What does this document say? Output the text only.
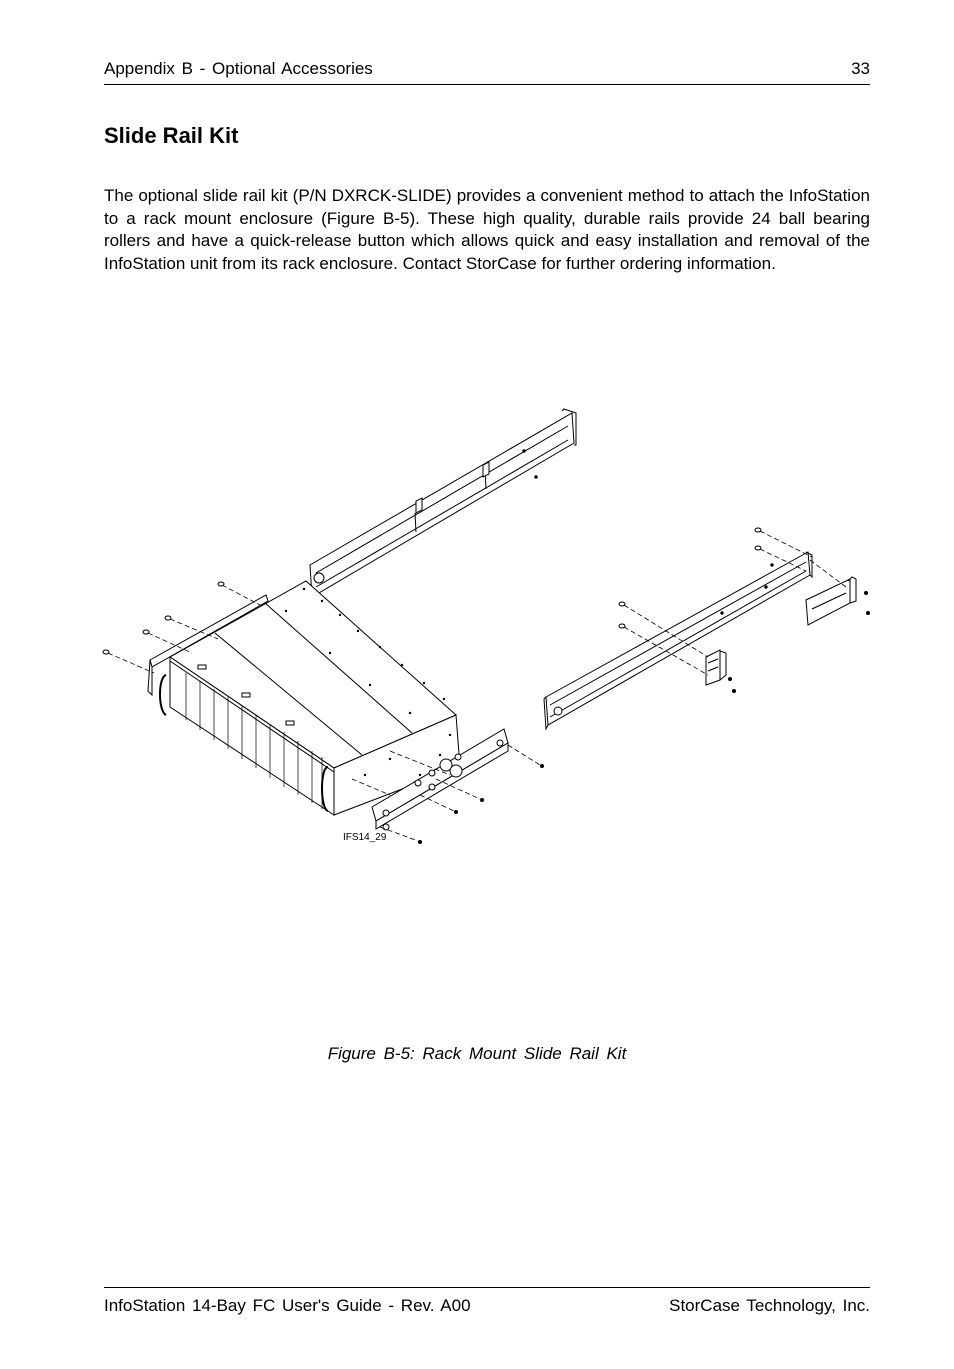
Appendix B - Optional Accessories	33
Slide Rail Kit

The optional slide rail kit (P/N DXRCK-SLIDE) provides a convenient method to attach the InfoStation to a rack mount enclosure (Figure B-5). These high quality, durable rails provide 24 ball bearing rollers and have a quick-release button which allows quick and easy installation and removal of the InfoStation unit from its rack enclosure. Contact StorCase for further ordering information.

IFS14_29
Figure B-5: Rack Mount Slide Rail Kit
InfoStation 14-Bay FC User's Guide - Rev. A00	StorCase Technology, Inc.
